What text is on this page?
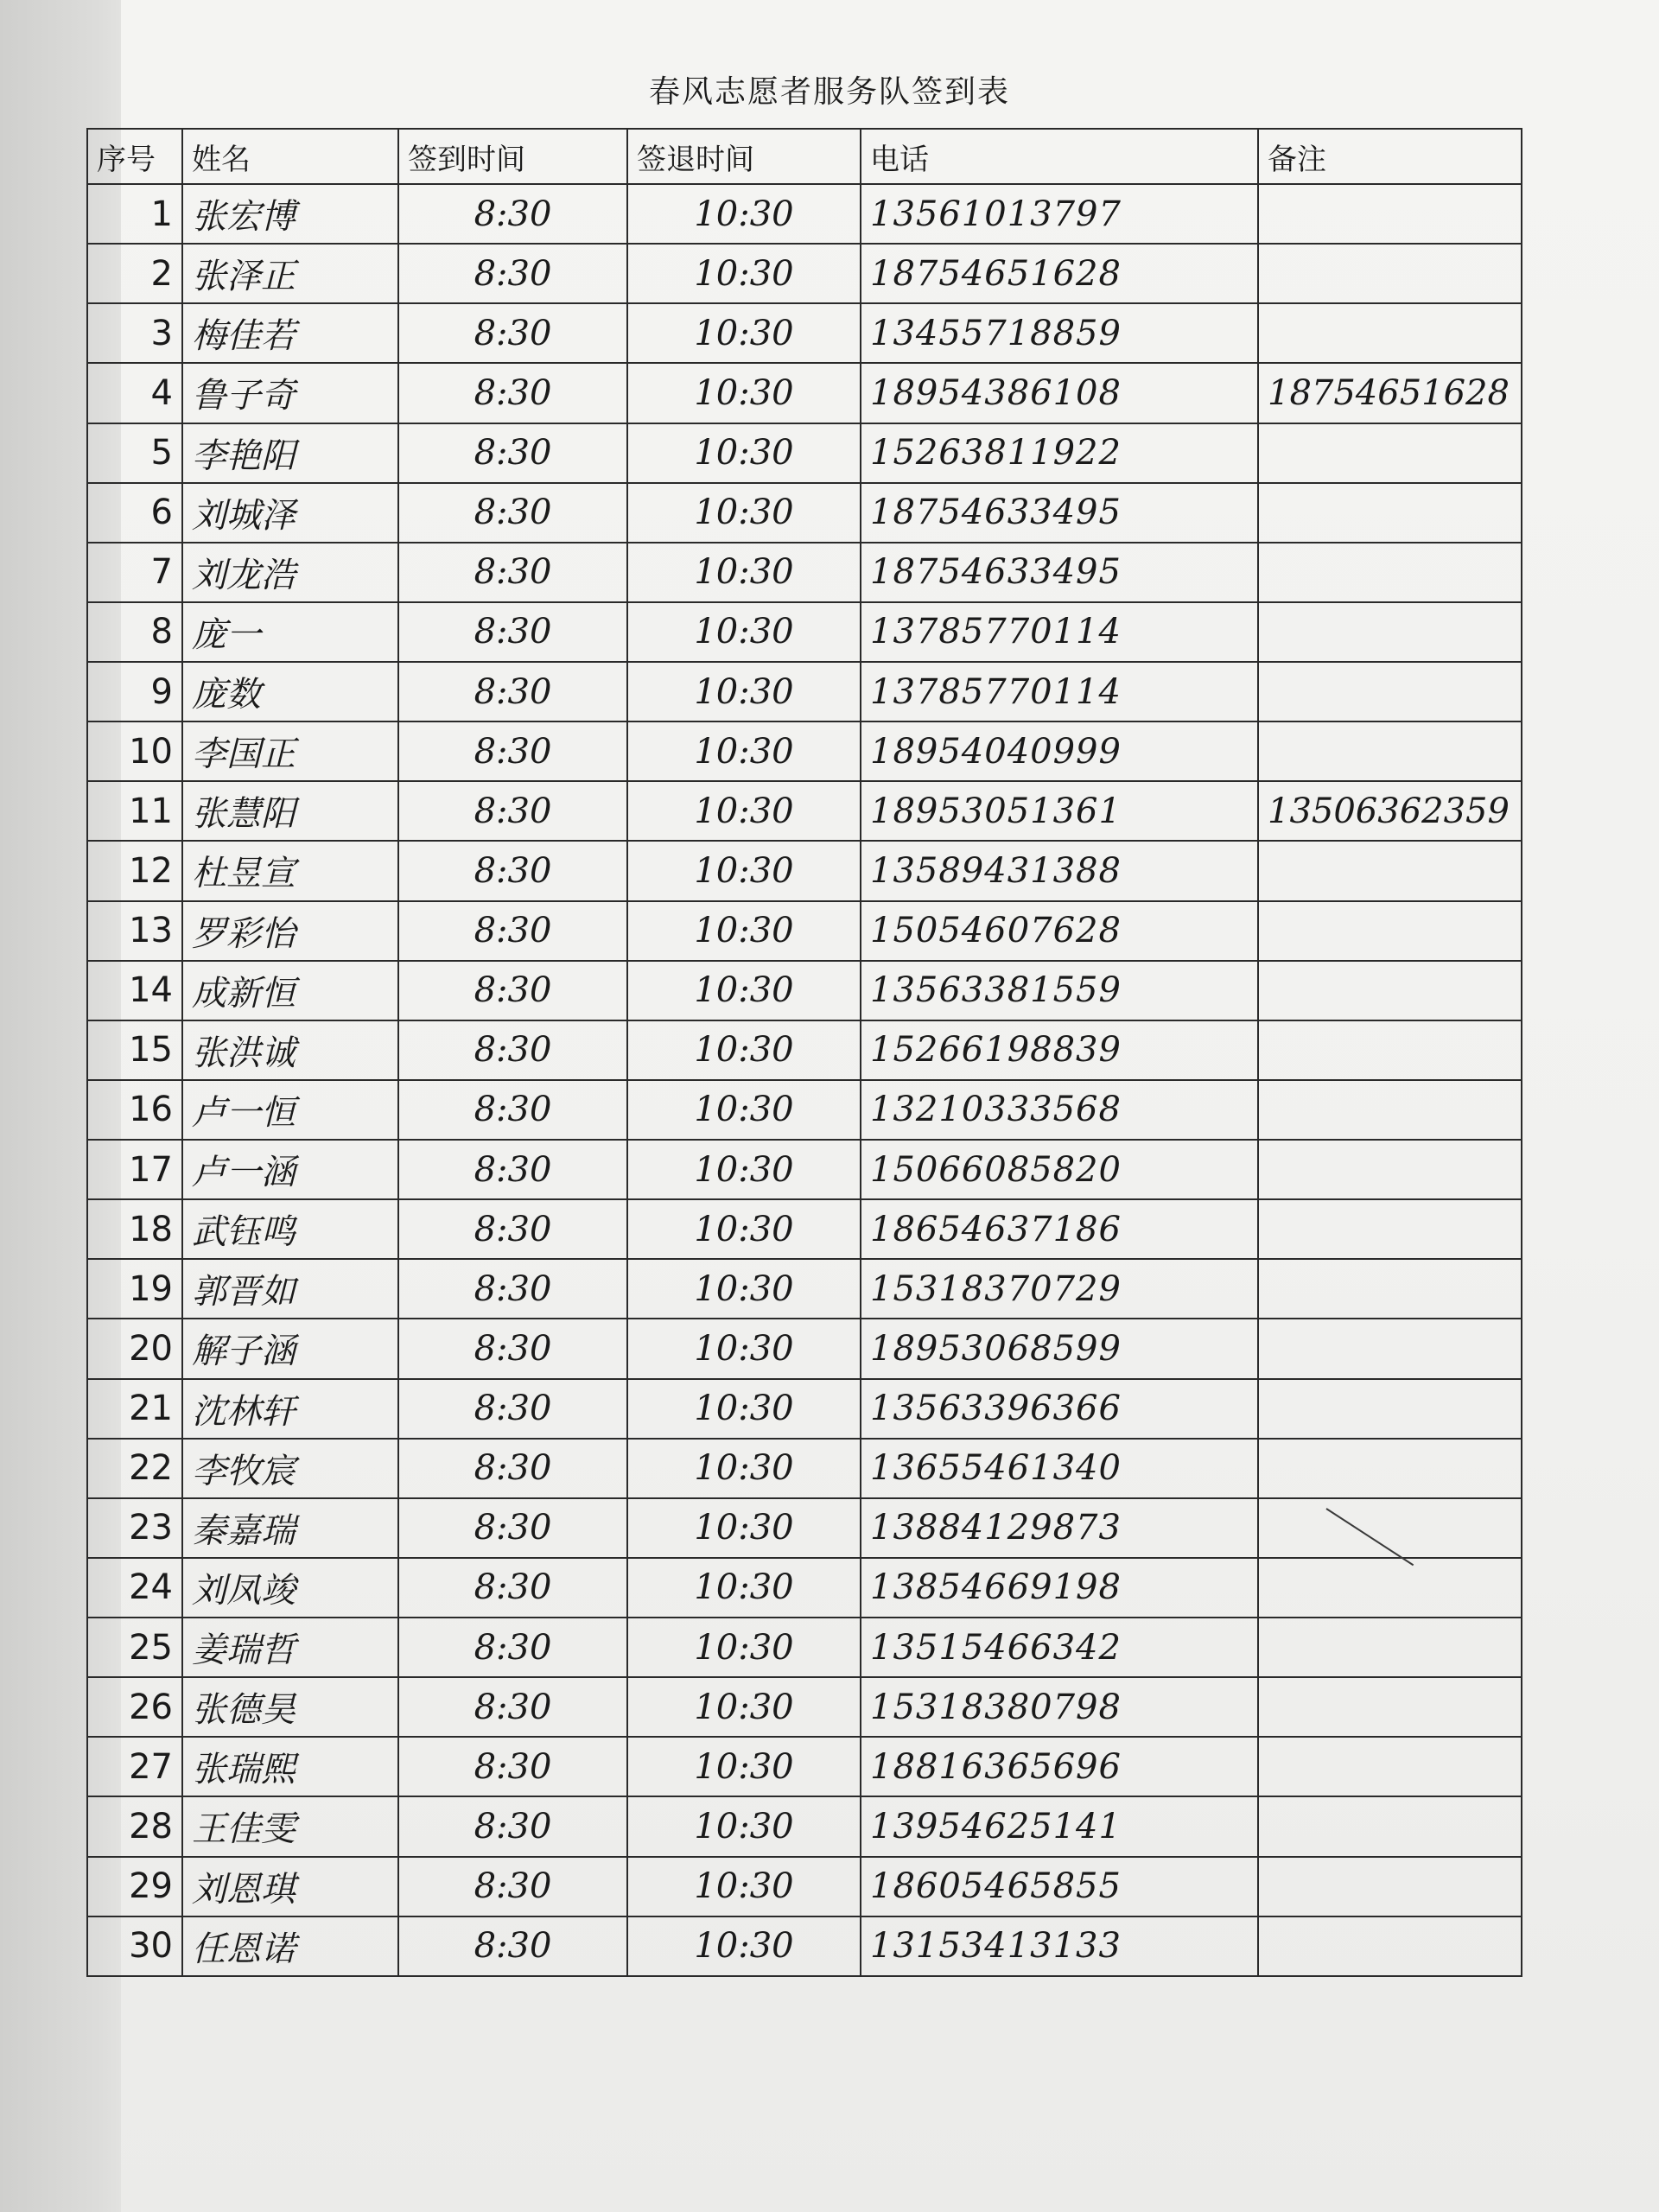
春风志愿者服务队签到表
序号	姓名	签到时间	签退时间	电话	备注
1	张宏博	8:30	10:30	13561013797	
2	张泽正	8:30	10:30	18754651628	
3	梅佳若	8:30	10:30	13455718859	
4	鲁子奇	8:30	10:30	18954386108	18754651628
5	李艳阳	8:30	10:30	15263811922	
6	刘城泽	8:30	10:30	18754633495	
7	刘龙浩	8:30	10:30	18754633495	
8	庞一	8:30	10:30	13785770114	
9	庞数	8:30	10:30	13785770114	
10	李国正	8:30	10:30	18954040999	
11	张慧阳	8:30	10:30	18953051361	13506362359
12	杜昱宣	8:30	10:30	13589431388	
13	罗彩怡	8:30	10:30	15054607628	
14	成新恒	8:30	10:30	13563381559	
15	张洪诚	8:30	10:30	15266198839	
16	卢一恒	8:30	10:30	13210333568	
17	卢一涵	8:30	10:30	15066085820	
18	武钰鸣	8:30	10:30	18654637186	
19	郭晋如	8:30	10:30	15318370729	
20	解子涵	8:30	10:30	18953068599	
21	沈林轩	8:30	10:30	13563396366	
22	李牧宸	8:30	10:30	13655461340	
23	秦嘉瑞	8:30	10:30	13884129873	
24	刘凤竣	8:30	10:30	13854669198	
25	姜瑞哲	8:30	10:30	13515466342	
26	张德昊	8:30	10:30	15318380798	
27	张瑞熙	8:30	10:30	18816365696	
28	王佳雯	8:30	10:30	13954625141	
29	刘恩琪	8:30	10:30	18605465855	
30	任恩诺	8:30	10:30	13153413133	
